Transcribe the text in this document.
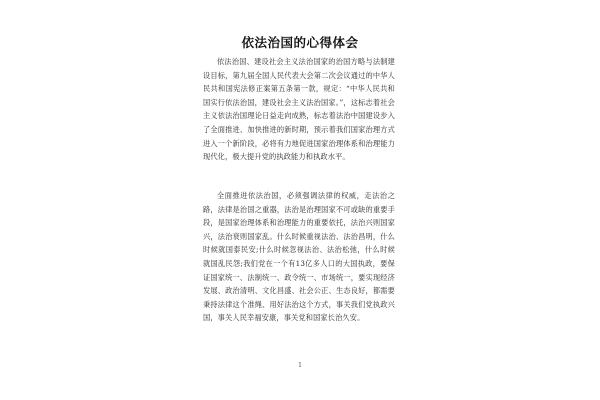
依法治国的心得体会

依法治国、建设社会主义法治国家的治国方略与法制建设目标，第九届全国人民代表大会第二次会议通过的中华人民共和国宪法修正案第五条第一款，规定：“中华人民共和国实行依法治国，建设社会主义法治国家。”，这标志着社会主义依法治国理论日益走向成熟，标志着法治中国建设步入了全面推进、加快推进的新时期，预示着我们国家治理方式进入一个新阶段，必将有力地促进国家治理体系和治理能力现代化，极大提升党的执政能力和执政水平。

全面推进依法治国，必须强调法律的权威，走法治之路，法律是治国之重器，法治是治理国家不可或缺的重要手段，是国家治理体系和治理能力的重要依托，法治兴则国家兴，法治衰则国家乱。什么时候重视法治、法治昌明，什么时候就国泰民安;什么时候忽视法治、法治松弛，什么时候就国乱民怨;我们党在一个有13亿多人口的大国执政，要保证国家统一、法制统一、政令统一、市场统一，要实现经济发展、政治清明、文化昌盛、社会公正、生态良好，都需要秉持法律这个准绳、用好法治这个方式，事关我们党执政兴国，事关人民幸福安康，事关党和国家长治久安。

1
